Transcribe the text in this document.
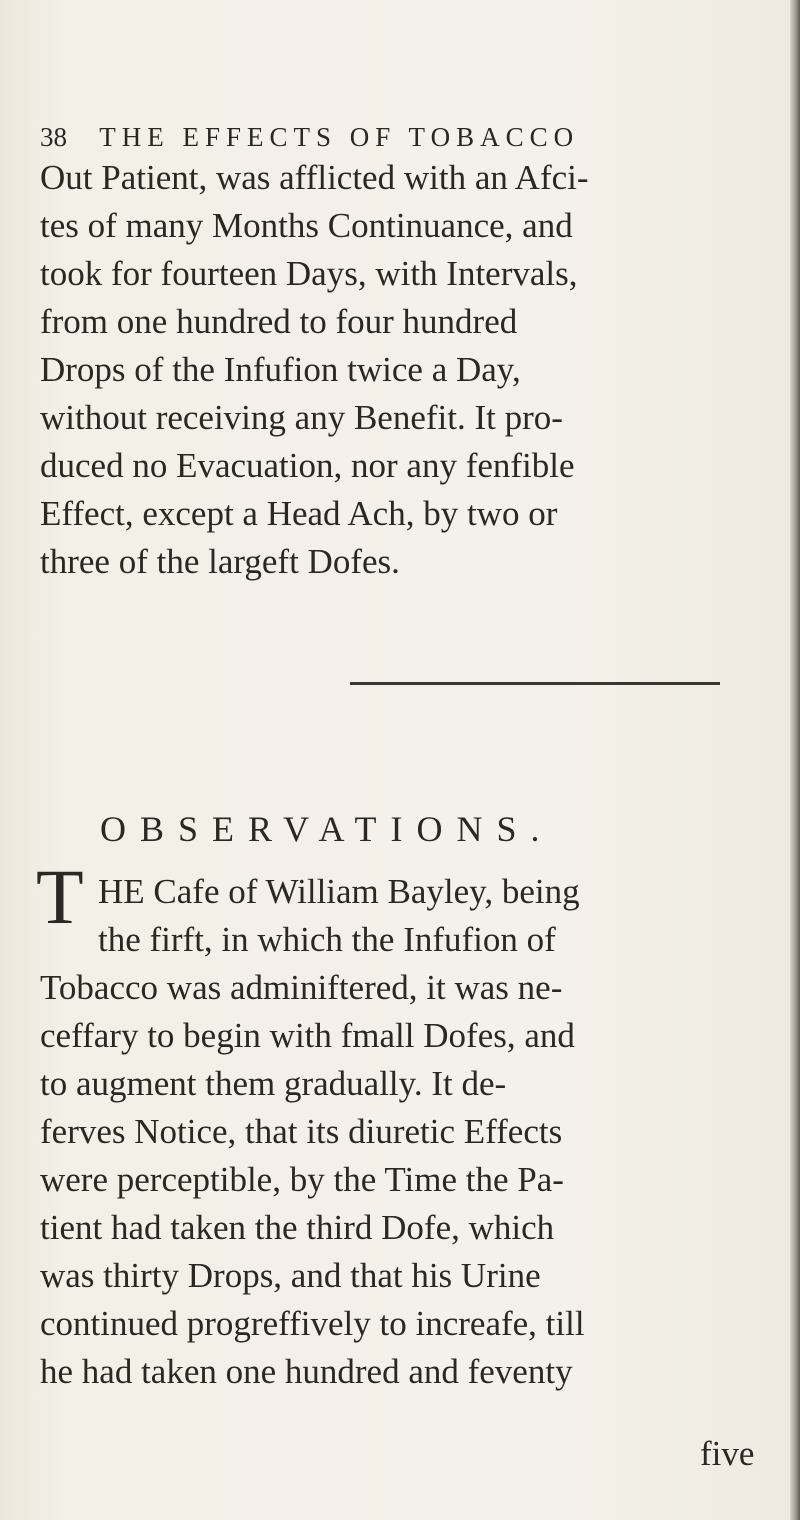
38 THE EFFECTS OF TOBACCO
Out Patient, was afflicted with an Afci-
tes of many Months Continuance, and
took for fourteen Days, with Intervals,
from one hundred to four hundred
Drops of the Infufion twice a Day,
without receiving any Benefit. It pro-
duced no Evacuation, nor any fenfible
Effect, except a Head Ach, by two or
three of the largeft Dofes.
OBSERVATIONS.
T HE Cafe of William Bayley, being
the firft, in which the Infufion of
Tobacco was adminiftered, it was ne-
ceffary to begin with fmall Dofes, and
to augment them gradually. It de-
ferves Notice, that its diuretic Effects
were perceptible, by the Time the Pa-
tient had taken the third Dofe, which
was thirty Drops, and that his Urine
continued progreffively to increafe, till
he had taken one hundred and feventy
five
